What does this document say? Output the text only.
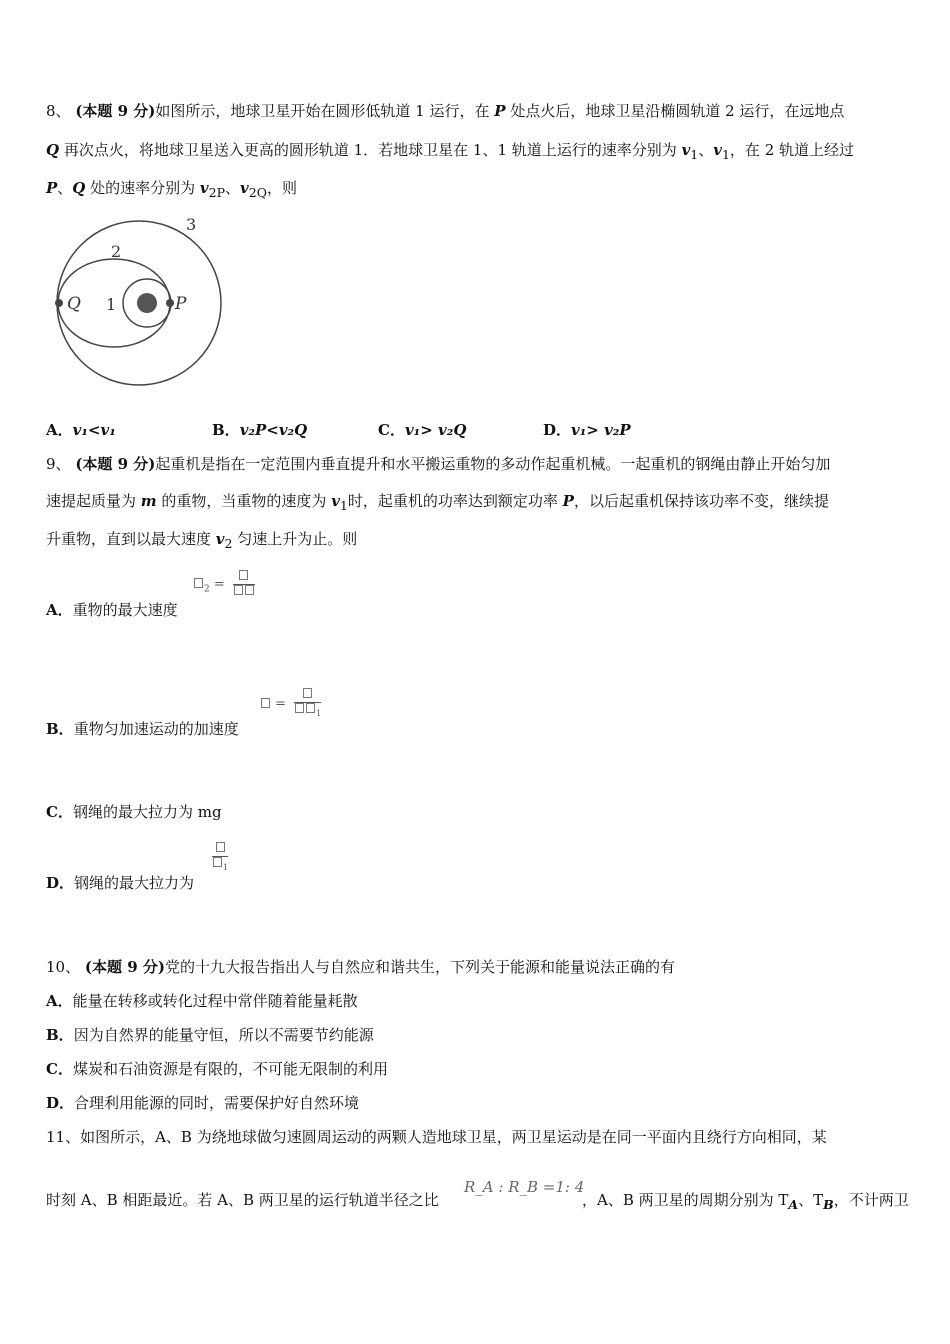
8、 (本题 9 分)如图所示，地球卫星开始在圆形低轨道 1 运行，在 P 处点火后，地球卫星沿椭圆轨道 2 运行，在远地点
Q 再次点火，将地球卫星送入更高的圆形轨道 1．若地球卫星在 1、1 轨道上运行的速率分别为 $v_1$、$v_1$，在 2 轨道上经过
P、Q 处的速率分别为 $v_{2P}$、$v_{2Q}$，则
Q	P
1
2
3
A．v₁<v₁	B．v₂P<v₂Q	C．v₁> v₂Q	D．v₁> v₂P
9、 (本题 9 分)起重机是指在一定范围内垂直提升和水平搬运重物的多动作起重机械。一起重机的钢绳由静止开始匀加
速提起质量为 m 的重物，当重物的速度为 $v_1$时，起重机的功率达到额定功率 P，以后起重机保持该功率不变，继续提
升重物，直到以最大速度 $v_2$ 匀速上升为止。则
$_2$ =
A．重物的最大速度
=
$_1$
B．重物匀加速运动的加速度
C．钢绳的最大拉力为 mg
$_1$
D．钢绳的最大拉力为
10、 (本题 9 分)党的十九大报告指出人与自然应和谐共生，下列关于能源和能量说法正确的有
A．能量在转移或转化过程中常伴随着能量耗散
B．因为自然界的能量守恒，所以不需要节约能源
C．煤炭和石油资源是有限的，不可能无限制的利用
D．合理利用能源的同时，需要保护好自然环境
11、如图所示，A、B 为绕地球做匀速圆周运动的两颗人造地球卫星，两卫星运动是在同一平面内且绕行方向相同，某
R_A : R_B =1: 4
时刻 A、B 相距最近。若 A、B 两卫星的运行轨道半径之比	，A、B 两卫星的周期分别为 $T_A$、$T_B$，不计两卫
